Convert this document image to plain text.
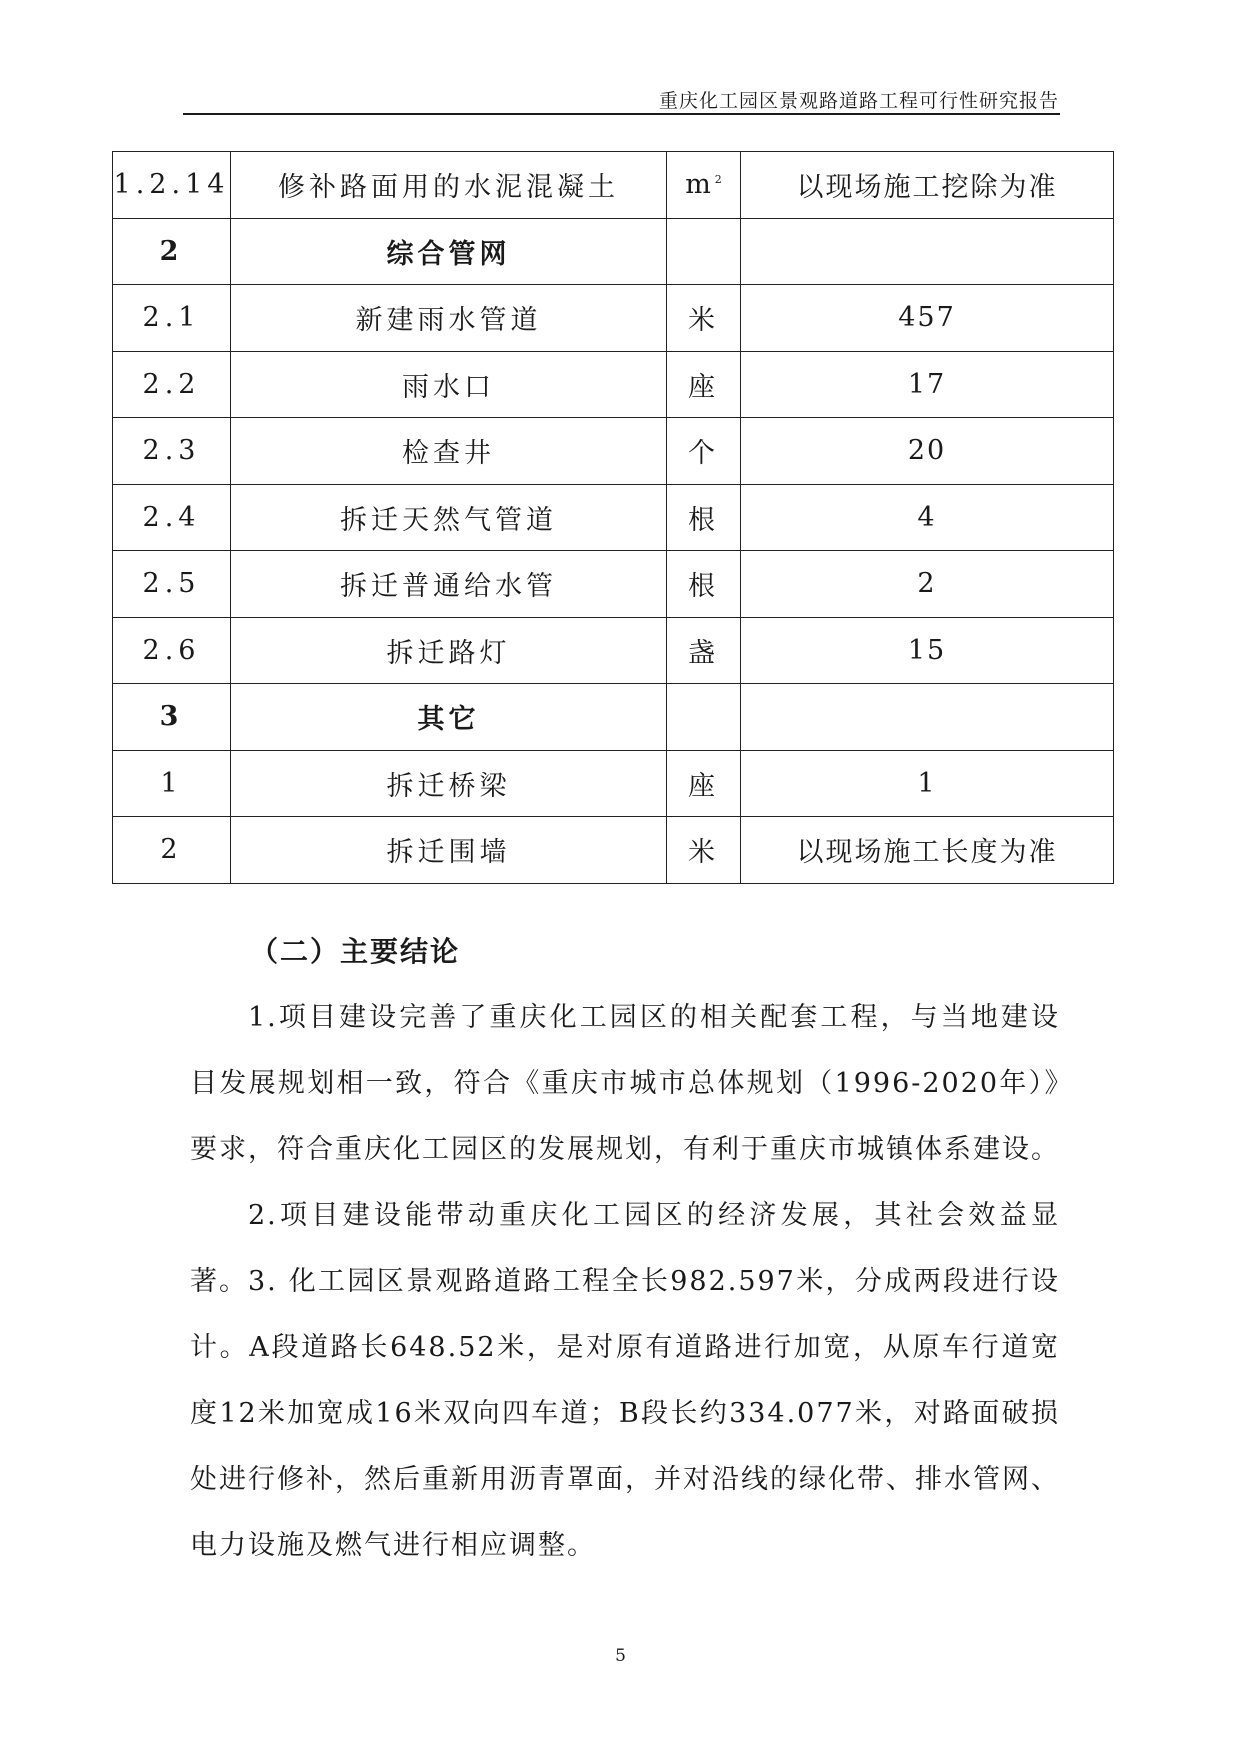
重庆化工园区景观路道路工程可行性研究报告
1.2.14	修补路面用的水泥混凝土	$m^2$	以现场施工挖除为准
2	综合管网		
2.1	新建雨水管道	米	457
2.2	雨水口	座	17
2.3	检查井	个	20
2.4	拆迁天然气管道	根	4
2.5	拆迁普通给水管	根	2
2.6	拆迁路灯	盏	15
3	其它		
1	拆迁桥梁	座	1
2	拆迁围墙	米	以现场施工长度为准
（二）主要结论

1.项目建设完善了重庆化工园区的相关配套工程，与当地建设目发展规划相一致，符合《重庆市城市总体规划（1996-2020年）》要求，符合重庆化工园区的发展规划，有利于重庆市城镇体系建设。

2.项目建设能带动重庆化工园区的经济发展，其社会效益显著。 3. 化工园区景观路道路工程全长982.597米，分成两段进行设计。A段道路长648.52米，是对原有道路进行加宽，从原车行道宽度12米加宽成16米双向四车道；B段长约334.077米，对路面破损处进行修补，然后重新用沥青罩面，并对沿线的绿化带、排水管网、电力设施及燃气进行相应调整。

5
